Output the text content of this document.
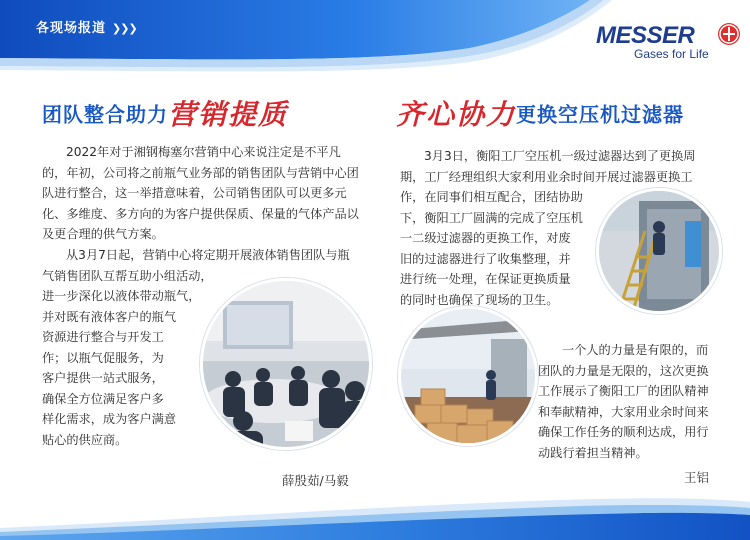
各现场报道 ❯❯❯	MESSER
Gases for Life
团队整合助力营销提质
2022年对于湘钢梅塞尔营销中心来说注定是不平凡的，年初，公司将之前瓶气业务部的销售团队与营销中心团队进行整合，这一举措意味着，公司销售团队可以更多元化、多维度、多方向的为客户提供保质、保量的气体产品以及更合理的供气方案。
从3月7日起，营销中心将定期开展液体销售团队与瓶
气销售团队互帮互助小组活动，
进一步深化以液体带动瓶气，
并对既有液体客户的瓶气
资源进行整合与开发工
作；以瓶气促服务，为
客户提供一站式服务，
确保全方位满足客户多
样化需求，成为客户满意
贴心的供应商。
薛殷茹/马毅
齐心协力更换空压机过滤器
3月3日，衡阳工厂空压机一级过滤器达到了更换周
期，工厂经理组织大家利用业余时间开展过滤器更换工
作，在同事们相互配合，团结协助
下，衡阳工厂圆满的完成了空压机
一二级过滤器的更换工作，对废
旧的过滤器进行了收集整理，并
进行统一处理，在保证更换质量
的同时也确保了现场的卫生。
一个人的力量是有限的，而
团队的力量是无限的，这次更换
工作展示了衡阳工厂的团队精神
和奉献精神，大家用业余时间来
确保工作任务的顺利达成，用行
动践行着担当精神。
王铝
